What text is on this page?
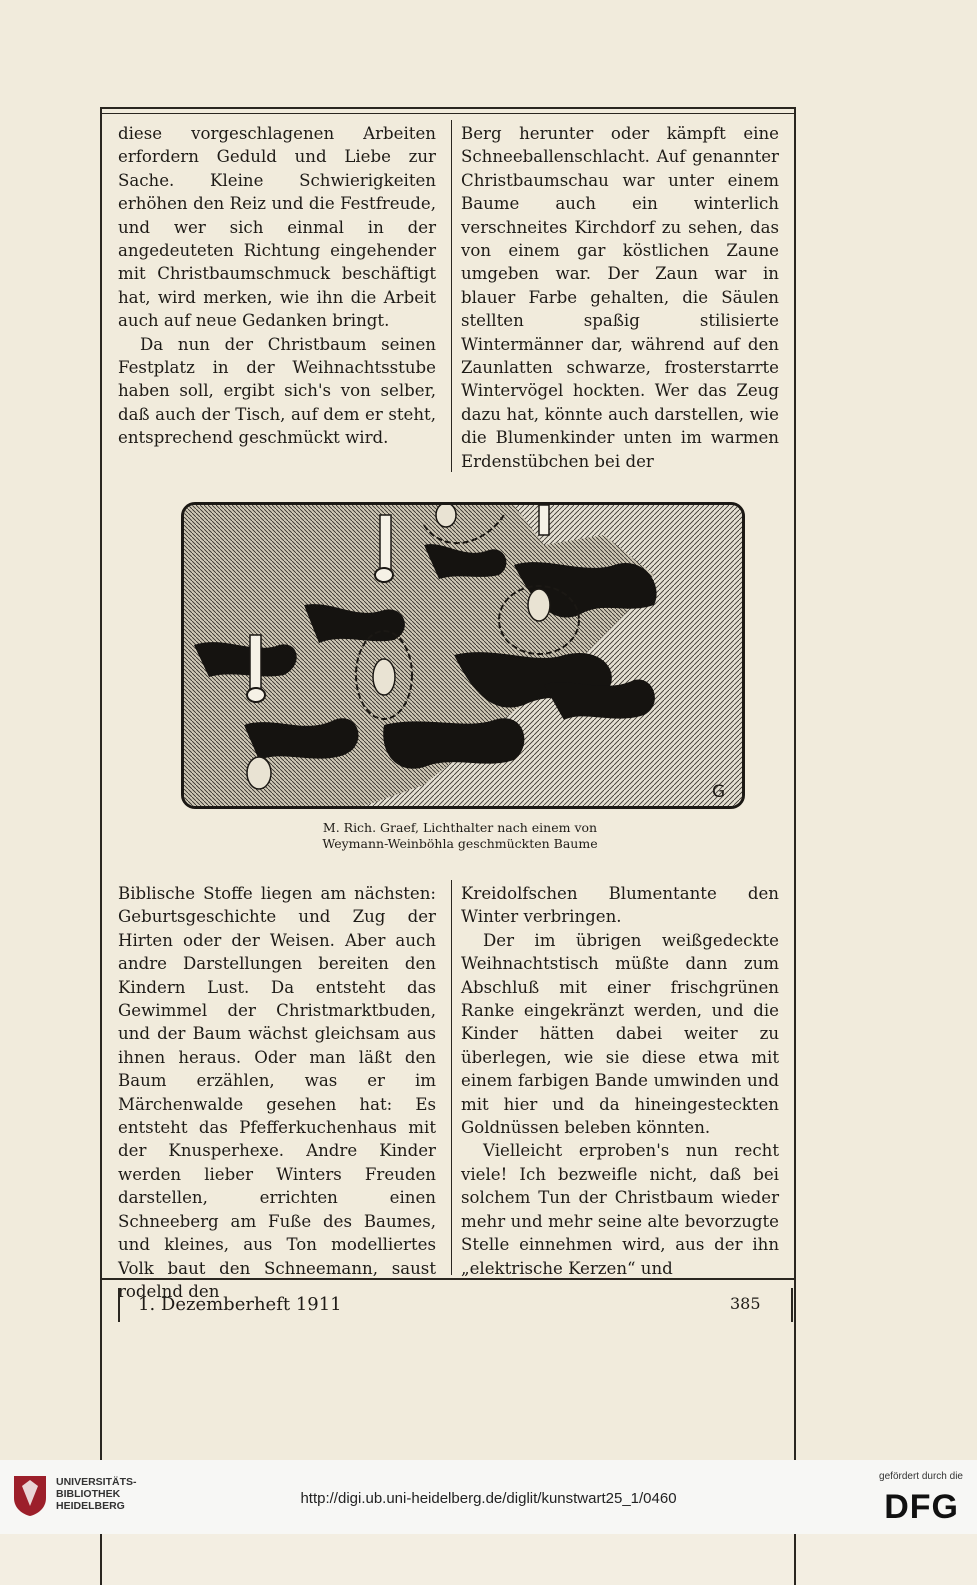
diese vorgeschlagenen Arbeiten erfordern Geduld und Liebe zur Sache. Kleine Schwierigkeiten erhöhen den Reiz und die Festfreude, und wer sich einmal in der angedeuteten Richtung eingehender mit Christbaumschmuck beschäftigt hat, wird merken, wie ihn die Arbeit auch auf neue Gedanken bringt.

Da nun der Christbaum seinen Festplatz in der Weihnachtsstube haben soll, ergibt sich's von selber, daß auch der Tisch, auf dem er steht, entsprechend geschmückt wird.

Berg herunter oder kämpft eine Schneeballenschlacht. Auf genannter Christbaumschau war unter einem Baume auch ein winterlich verschneites Kirchdorf zu sehen, das von einem gar köstlichen Zaune umgeben war. Der Zaun war in blauer Farbe gehalten, die Säulen stellten spaßig stilisierte Wintermänner dar, während auf den Zaunlatten schwarze, frosterstarrte Wintervögel hockten. Wer das Zeug dazu hat, könnte auch darstellen, wie die Blumenkinder unten im warmen Erdenstübchen bei der

G
M. Rich. Graef, Lichthalter nach einem von
Weymann-Weinböhla geschmückten Baume

Biblische Stoffe liegen am nächsten: Geburtsgeschichte und Zug der Hirten oder der Weisen. Aber auch andre Darstellungen bereiten den Kindern Lust. Da entsteht das Gewimmel der Christmarktbuden, und der Baum wächst gleichsam aus ihnen heraus. Oder man läßt den Baum erzählen, was er im Märchenwalde gesehen hat: Es entsteht das Pfefferkuchenhaus mit der Knusperhexe. Andre Kinder werden lieber Winters Freuden darstellen, errichten einen Schneeberg am Fuße des Baumes, und kleines, aus Ton modelliertes Volk baut den Schneemann, saust rodelnd den

Kreidolfschen Blumentante den Winter verbringen.

Der im übrigen weißgedeckte Weihnachtstisch müßte dann zum Abschluß mit einer frischgrünen Ranke eingekränzt werden, und die Kinder hätten dabei weiter zu überlegen, wie sie diese etwa mit einem farbigen Bande umwinden und mit hier und da hineingesteckten Goldnüssen beleben könnten.

Vielleicht erproben's nun recht viele! Ich bezweifle nicht, daß bei solchem Tun der Christbaum wieder mehr und mehr seine alte bevorzugte Stelle einnehmen wird, aus der ihn „elektrische Kerzen“ und

1. Dezemberheft 1911	385
UNIVERSITÄTS-
BIBLIOTHEK
HEIDELBERG	http://digi.ub.uni-heidelberg.de/diglit/kunstwart25_1/0460
gefördert durch die
DFG
